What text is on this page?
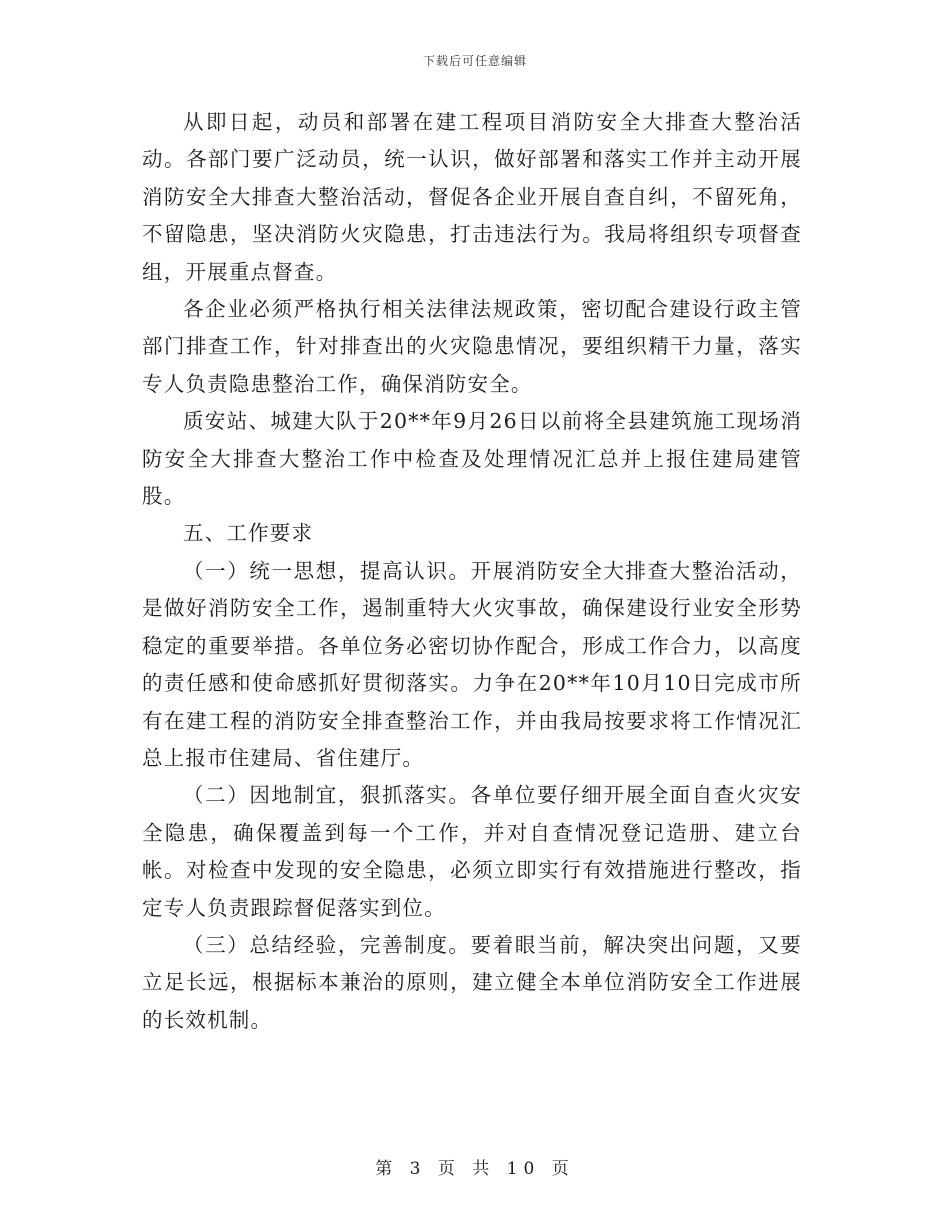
下载后可任意编辑

从即日起，动员和部署在建工程项目消防安全大排查大整治活动。各部门要广泛动员，统一认识，做好部署和落实工作并主动开展消防安全大排查大整治活动，督促各企业开展自查自纠，不留死角，不留隐患，坚决消防火灾隐患，打击违法行为。我局将组织专项督查组，开展重点督查。

各企业必须严格执行相关法律法规政策，密切配合建设行政主管部门排查工作，针对排查出的火灾隐患情况，要组织精干力量，落实专人负责隐患整治工作，确保消防安全。

质安站、城建大队于20**年9月26日以前将全县建筑施工现场消防安全大排查大整治工作中检查及处理情况汇总并上报住建局建管股。

五、工作要求

（一）统一思想，提高认识。开展消防安全大排查大整治活动，是做好消防安全工作，遏制重特大火灾事故，确保建设行业安全形势稳定的重要举措。各单位务必密切协作配合，形成工作合力，以高度的责任感和使命感抓好贯彻落实。力争在20**年10月10日完成市所有在建工程的消防安全排查整治工作，并由我局按要求将工作情况汇总上报市住建局、省住建厅。

（二）因地制宜，狠抓落实。各单位要仔细开展全面自查火灾安全隐患，确保覆盖到每一个工作，并对自查情况登记造册、建立台帐。对检查中发现的安全隐患，必须立即实行有效措施进行整改，指定专人负责跟踪督促落实到位。

（三）总结经验，完善制度。要着眼当前，解决突出问题，又要立足长远，根据标本兼治的原则，建立健全本单位消防安全工作进展的长效机制。

第 3 页 共 10 页
